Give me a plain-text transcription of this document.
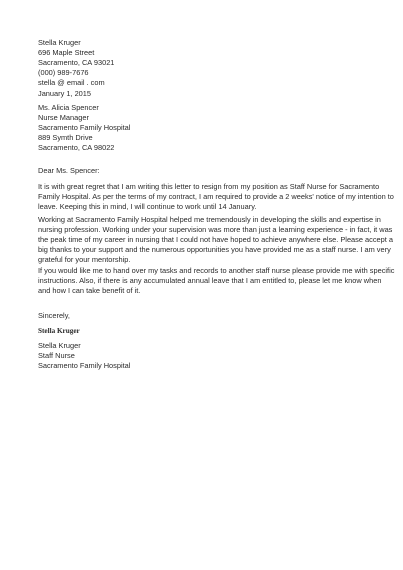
Stella Kruger
696 Maple Street
Sacramento, CA 93021
(000) 989-7676
stella @ email . com
January 1, 2015
Ms. Alicia Spencer
Nurse Manager
Sacramento Family Hospital
889 Symth Drive
Sacramento, CA 98022
Dear Ms. Spencer:
It is with great regret that I am writing this letter to resign from my position as Staff Nurse for Sacramento
Family Hospital. As per the terms of my contract, I am required to provide a 2 weeks' notice of my intention to
leave. Keeping this in mind, I will continue to work until 14 January.
Working at Sacramento Family Hospital helped me tremendously in developing the skills and expertise in
nursing profession. Working under your supervision was more than just a learning experience - in fact, it was
the peak time of my career in nursing that I could not have hoped to achieve anywhere else. Please accept a
big thanks to your support and the numerous opportunities you have provided me as a staff nurse. I am very
grateful for your mentorship.
If you would like me to hand over my tasks and records to another staff nurse please provide me with specific
instructions. Also, if there is any accumulated annual leave that I am entitled to, please let me know when
and how I can take benefit of it.
Sincerely,
Stella Kruger
Stella Kruger
Staff Nurse
Sacramento Family Hospital
